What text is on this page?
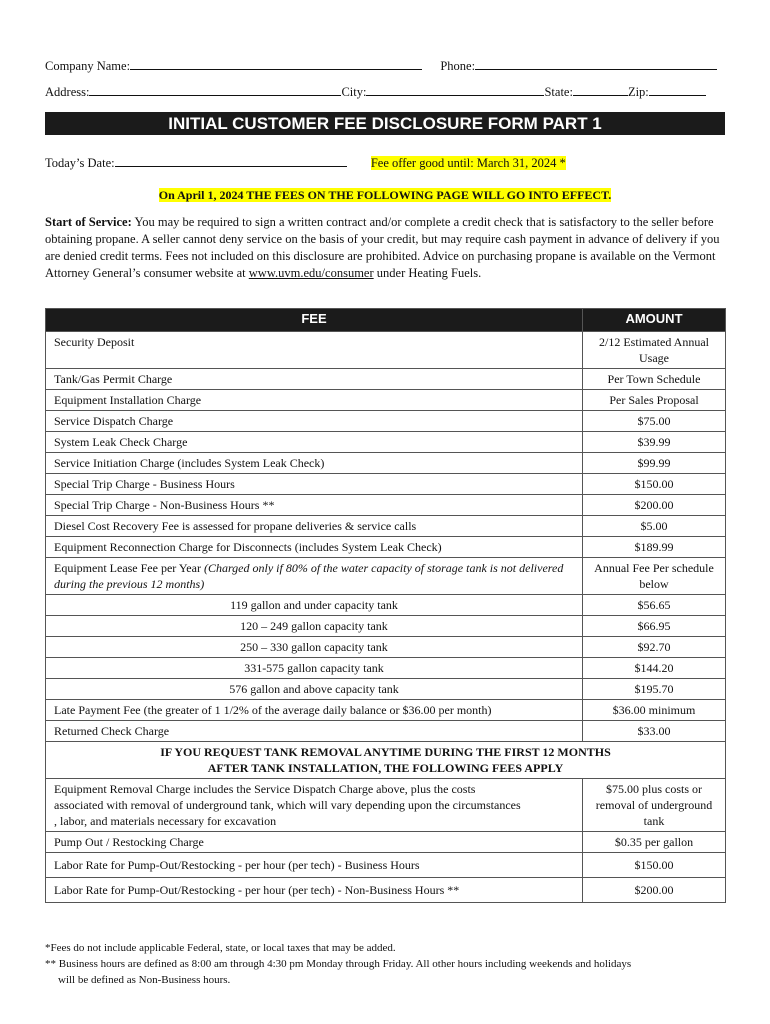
Company Name:	Phone:
Address:	City:	State:	Zip:
INITIAL CUSTOMER FEE DISCLOSURE FORM PART 1
Today’s Date:	Fee offer good until: March 31, 2024 *
On April 1, 2024 THE FEES ON THE FOLLOWING PAGE WILL GO INTO EFFECT.
Start of Service: You may be required to sign a written contract and/or complete a credit check that is satisfactory to the seller before obtaining propane. A seller cannot deny service on the basis of your credit, but may require cash payment in advance of delivery if you are denied credit terms. Fees not included on this disclosure are prohibited. Advice on purchasing propane is available on the Vermont Attorney General’s consumer website at www.uvm.edu/consumer under Heating Fuels.
FEE	AMOUNT
Security Deposit	2/12 Estimated Annual Usage
Tank/Gas Permit Charge	Per Town Schedule
Equipment Installation Charge	Per Sales Proposal
Service Dispatch Charge	$75.00
System Leak Check Charge	$39.99
Service Initiation Charge (includes System Leak Check)	$99.99
Special Trip Charge - Business Hours	$150.00
Special Trip Charge - Non-Business Hours **	$200.00
Diesel Cost Recovery Fee is assessed for propane deliveries & service calls	$5.00
Equipment Reconnection Charge for Disconnects (includes System Leak Check)	$189.99
Equipment Lease Fee per Year (Charged only if 80% of the water capacity of storage tank is not delivered during the previous 12 months)	Annual Fee Per schedule below
119 gallon and under capacity tank	$56.65
120 – 249 gallon capacity tank	$66.95
250 – 330 gallon capacity tank	$92.70
331-575 gallon capacity tank	$144.20
576 gallon and above capacity tank	$195.70
Late Payment Fee (the greater of 1 1/2% of the average daily balance or $36.00 per month)	$36.00 minimum
Returned Check Charge	$33.00

IF YOU REQUEST TANK REMOVAL ANYTIME DURING THE FIRST 12 MONTHS
AFTER TANK INSTALLATION, THE FOLLOWING FEES APPLY	

Equipment Removal Charge includes the Service Dispatch Charge above, plus the costs associated with removal of underground tank, which will vary depending upon the circumstances , labor, and materials necessary for excavation	$75.00 plus costs or removal of underground tank
Pump Out / Restocking Charge	$0.35 per gallon
Labor Rate for Pump-Out/Restocking - per hour (per tech) - Business Hours	$150.00
Labor Rate for Pump-Out/Restocking - per hour (per tech) - Non-Business Hours **	$200.00
*Fees do not include applicable Federal, state, or local taxes that may be added.
** Business hours are defined as 8:00 am through 4:30 pm Monday through Friday. All other hours including weekends and holidays
will be defined as Non-Business hours.
